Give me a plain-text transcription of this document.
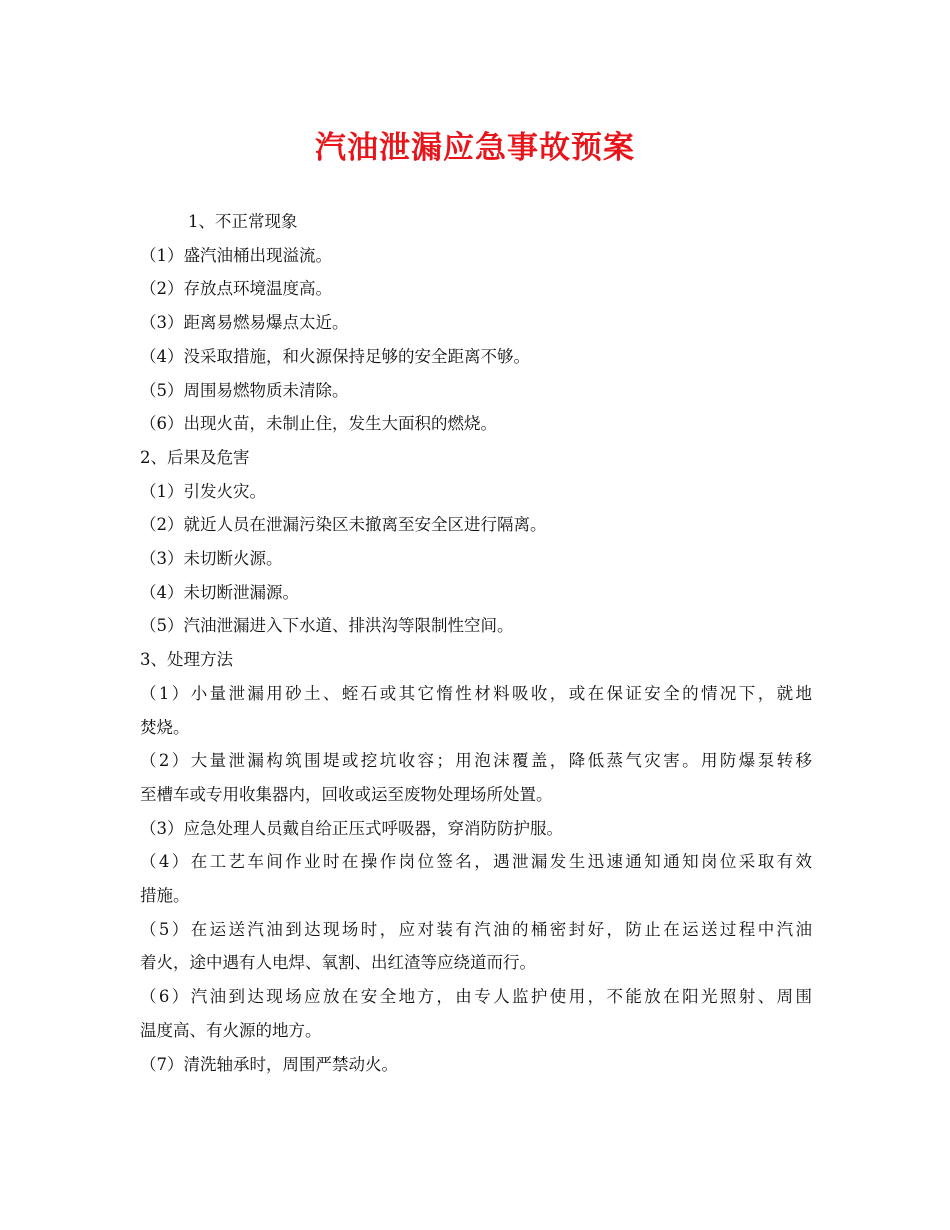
汽油泄漏应急事故预案
1、不正常现象
（1）盛汽油桶出现溢流。
（2）存放点环境温度高。
（3）距离易燃易爆点太近。
（4）没采取措施，和火源保持足够的安全距离不够。
（5）周围易燃物质未清除。
（6）出现火苗，未制止住，发生大面积的燃烧。
2、后果及危害
（1）引发火灾。
（2）就近人员在泄漏污染区未撤离至安全区进行隔离。
（3）未切断火源。
（4）未切断泄漏源。
（5）汽油泄漏进入下水道、排洪沟等限制性空间。
3、处理方法
（1）小量泄漏用砂土、蛭石或其它惰性材料吸收，或在保证安全的情况下，就地
焚烧。
（2）大量泄漏构筑围堤或挖坑收容；用泡沫覆盖，降低蒸气灾害。用防爆泵转移
至槽车或专用收集器内，回收或运至废物处理场所处置。
（3）应急处理人员戴自给正压式呼吸器，穿消防防护服。
（4）在工艺车间作业时在操作岗位签名，遇泄漏发生迅速通知通知岗位采取有效
措施。
（5）在运送汽油到达现场时，应对装有汽油的桶密封好，防止在运送过程中汽油
着火，途中遇有人电焊、氧割、出红渣等应绕道而行。
（6）汽油到达现场应放在安全地方，由专人监护使用，不能放在阳光照射、周围
温度高、有火源的地方。
（7）清洗轴承时，周围严禁动火。
